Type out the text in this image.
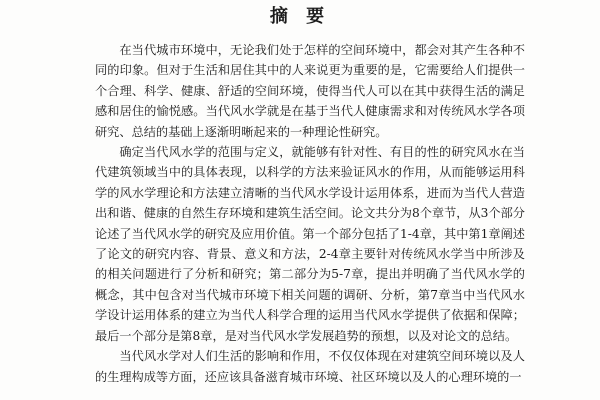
摘 要

在当代城市环境中，无论我们处于怎样的空间环境中，都会对其产生各种不同的印象。但对于生活和居住其中的人来说更为重要的是，它需要给人们提供一个合理、科学、健康、舒适的空间环境，使得当代人可以在其中获得生活的满足感和居住的愉悦感。当代风水学就是在基于当代人健康需求和对传统风水学各项研究、总结的基础上逐渐明晰起来的一种理论性研究。

确定当代风水学的范围与定义，就能够有针对性、有目的性的研究风水在当代建筑领域当中的具体表现，以科学的方法来验证风水的作用，从而能够运用科学的风水学理论和方法建立清晰的当代风水学设计运用体系，进而为当代人营造出和谐、健康的自然生存环境和建筑生活空间。论文共分为8个章节，从3个部分论述了当代风水学的研究及应用价值。第一个部分包括了1-4章，其中第1章阐述了论文的研究内容、背景、意义和方法，2-4章主要针对传统风水学当中所涉及的相关问题进行了分析和研究；第二部分为5-7章，提出并明确了当代风水学的概念，其中包含对当代城市环境下相关问题的调研、分析，第7章当中当代风水学设计运用体系的建立为当代人科学合理的运用当代风水学提供了依据和保障；最后一个部分是第8章，是对当代风水学发展趋势的预想，以及对论文的总结。

当代风水学对人们生活的影响和作用，不仅仅体现在对建筑空间环境以及人的生理构成等方面，还应该具备滋育城市环境、社区环境以及人的心理环境的一
